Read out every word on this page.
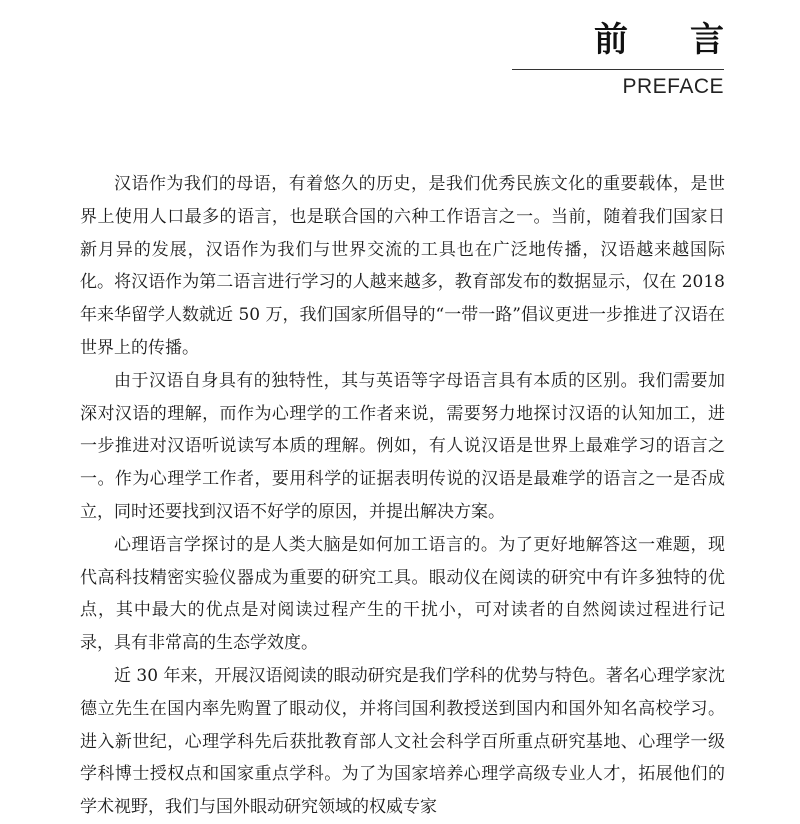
前 言
PREFACE

汉语作为我们的母语，有着悠久的历史，是我们优秀民族文化的重要载体，是世界上使用人口最多的语言，也是联合国的六种工作语言之一。当前，随着我们国家日新月异的发展，汉语作为我们与世界交流的工具也在广泛地传播，汉语越来越国际化。将汉语作为第二语言进行学习的人越来越多，教育部发布的数据显示，仅在 2018 年来华留学人数就近 50 万，我们国家所倡导的“一带一路”倡议更进一步推进了汉语在世界上的传播。

由于汉语自身具有的独特性，其与英语等字母语言具有本质的区别。我们需要加深对汉语的理解，而作为心理学的工作者来说，需要努力地探讨汉语的认知加工，进一步推进对汉语听说读写本质的理解。例如，有人说汉语是世界上最难学习的语言之一。作为心理学工作者，要用科学的证据表明传说的汉语是最难学的语言之一是否成立，同时还要找到汉语不好学的原因，并提出解决方案。

心理语言学探讨的是人类大脑是如何加工语言的。为了更好地解答这一难题，现代高科技精密实验仪器成为重要的研究工具。眼动仪在阅读的研究中有许多独特的优点，其中最大的优点是对阅读过程产生的干扰小，可对读者的自然阅读过程进行记录，具有非常高的生态学效度。

近 30 年来，开展汉语阅读的眼动研究是我们学科的优势与特色。著名心理学家沈德立先生在国内率先购置了眼动仪，并将闫国利教授送到国内和国外知名高校学习。进入新世纪，心理学科先后获批教育部人文社会科学百所重点研究基地、心理学一级学科博士授权点和国家重点学科。为了为国家培养心理学高级专业人才，拓展他们的学术视野，我们与国外眼动研究领域的权威专家
